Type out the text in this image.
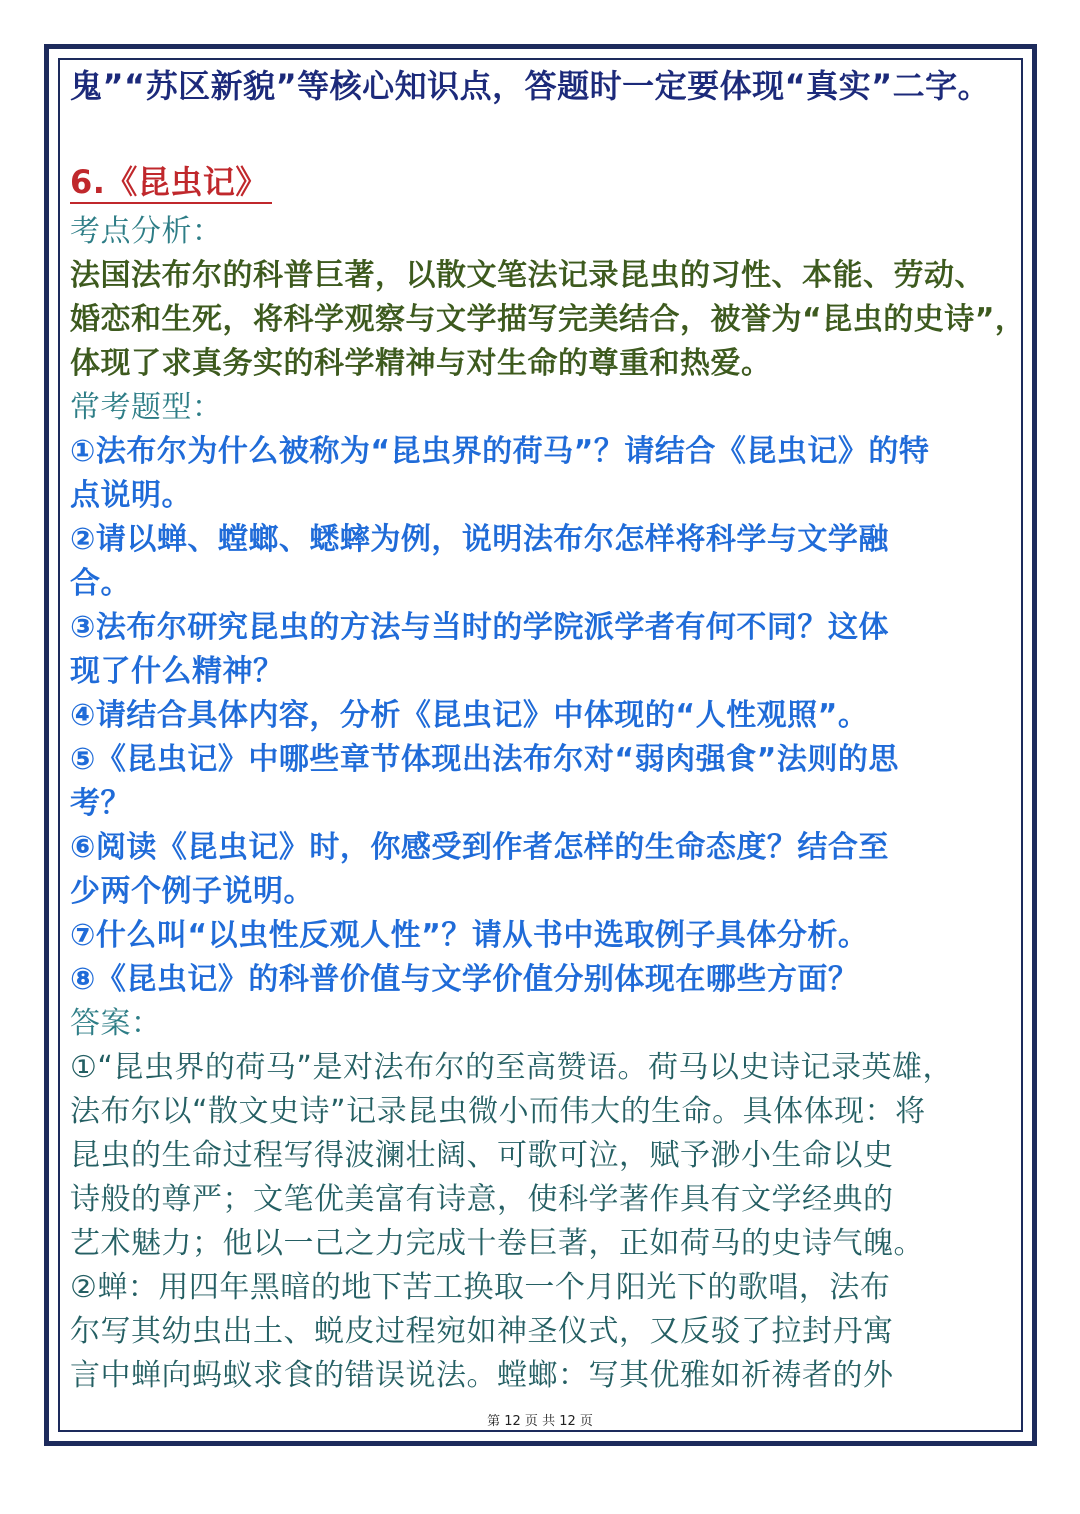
鬼”“苏区新貌”等核心知识点，答题时一定要体现“真实”二字。
6.《昆虫记》
考点分析：
法国法布尔的科普巨著，以散文笔法记录昆虫的习性、本能、劳动、
婚恋和生死，将科学观察与文学描写完美结合，被誉为“昆虫的史诗”，
体现了求真务实的科学精神与对生命的尊重和热爱。
常考题型：
①法布尔为什么被称为“昆虫界的荷马”？请结合《昆虫记》的特
点说明。
②请以蝉、螳螂、蟋蟀为例，说明法布尔怎样将科学与文学融
合。
③法布尔研究昆虫的方法与当时的学院派学者有何不同？这体
现了什么精神？
④请结合具体内容，分析《昆虫记》中体现的“人性观照”。
⑤《昆虫记》中哪些章节体现出法布尔对“弱肉强食”法则的思
考？
⑥阅读《昆虫记》时，你感受到作者怎样的生命态度？结合至
少两个例子说明。
⑦什么叫“以虫性反观人性”？请从书中选取例子具体分析。
⑧《昆虫记》的科普价值与文学价值分别体现在哪些方面？
答案：
①“昆虫界的荷马”是对法布尔的至高赞语。荷马以史诗记录英雄，
法布尔以“散文史诗”记录昆虫微小而伟大的生命。具体体现：将
昆虫的生命过程写得波澜壮阔、可歌可泣，赋予渺小生命以史
诗般的尊严；文笔优美富有诗意，使科学著作具有文学经典的
艺术魅力；他以一己之力完成十卷巨著，正如荷马的史诗气魄。
②蝉：用四年黑暗的地下苦工换取一个月阳光下的歌唱，法布
尔写其幼虫出土、蜕皮过程宛如神圣仪式，又反驳了拉封丹寓
言中蝉向蚂蚁求食的错误说法。螳螂：写其优雅如祈祷者的外
第 12 页 共 12 页
